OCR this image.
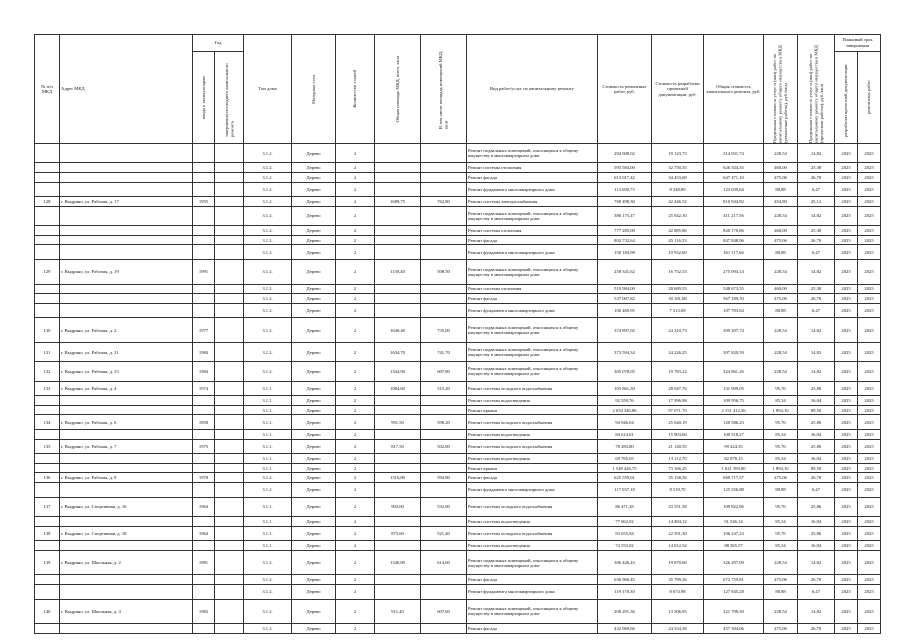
№ п/п МКД	Адрес МКД	Год		Тип дома	Материал стен	Количество этажей	Общая площадь МКД, всего, кв.м	В том числе площадь помещений МКД, кв.м	Вид работ/услуг по капитальному ремонту	Стоимость ремонтных работ, руб.	Стоимость разработки проектной документации, руб.	Общая стоимость капитального ремонта, руб.	Предельная стоимость услуг и (или) работ по капитальному ремонту общего имущества в МКД (ремонтные работы), руб./кв.м	Предельная стоимость услуг и (или) работ по капитальному ремонту общего имущества в МКД (проектные работы), руб./кв.м	Плановый срок завершения	

		ввода в эксплуатацию	завершения последнего капитального ремонта												разработки проектной документации	ремонтных работ

				3.1.2.	Дерево	2			Ремонт подвальных помещений, относящихся к общему имуществу в многоквартирном доме	294 908,02	19 123,73	314 031,74	228,54	14,82	2025	2025
				3.1.2.	Дерево	2			Ремонт системы отопления	593 584,00	32 750,35	626 334,35	460,00	25,38	2025	2025
				3.1.2.	Дерево	2			Ремонт фасада	613 017,42	34 453,68	647 471,10	475,06	26,70	2025	2025
				3.1.2.	Дерево	2			Ремонт фундамента многоквартирного дома	114 690,75	8 348,89	123 039,64	88,88	6,47	2025	2025
128	г. Выдрино, ул. Рабочая, д. 17	1955		3.1.2.	Дерево	2	1689,75	762,80	Ремонт системы электроснабжения	768 498,30	42 446,52	810 944,82	454,80	25,12	2025	2025
				3.1.2.	Дерево	2			Ремонт подвальных помещений, относящихся к общему имуществу в многоквартирном доме	386 175,47	25 042,10	411 217,56	228,54	14,82	2025	2025
				3.1.2.	Дерево	2			Ремонт системы отопления	777 285,00	42 885,86	820 170,86	460,00	25,38	2025	2025
				3.1.2.	Дерево	2			Ремонт фасада	802 732,64	45 116,33	847 848,96	475,06	26,70	2025	2025
				3.1.2.	Дерево	2			Ремонт фундамента многоквартирного дома	150 184,98	10 932,60	161 117,66	88,88	6,47	2025	2025
129	г. Выдрино, ул. Рабочая, д. 19	1991		3.1.2.	Дерево	2	1130,40	508,50	Ремонт подвальных помещений, относящихся к общему имуществу в многоквартирном доме	258 341,62	16 752,53	275 094,14	228,54	14,82	2025	2025
				3.1.2.	Дерево	2			Ремонт системы отопления	519 984,00	28 689,55	548 673,55	460,00	25,38	2025	2025
				3.1.2.	Дерево	2			Ремонт фасада	537 007,82	30 181,68	567 189,50	475,06	26,70	2025	2025
				3.1.2.	Дерево	2			Ремонт фундамента многоквартирного дома	100 469,95	7 313,69	107 783,64	88,88	6,47	2025	2025
130	г. Выдрино, ул. Рабочая, д. 2	1977		3.1.2.	Дерево	2	1640,40	735,00	Ремонт подвальных помещений, относящихся к общему имуществу в многоквартирном доме	374 897,02	24 310,73	399 207,74	228,54	14,82	2025	2025
131	г. Выдрино, ул. Рабочая, д. 31	1984		3.1.2.	Дерево	2	1634,70	741,70	Ремонт подвальных помещений, относящихся к общему имуществу в многоквартирном доме	373 594,34	24 226,25	397 820,59	228,54	14,82	2025	2025
132	г. Выдрино, ул. Рабочая, д. 33	1984		3.1.2.	Дерево	2	1334,90	607,80	Ремонт подвальных помещений, относящихся к общему имуществу в многоквартирном доме	305 078,05	19 783,22	324 861,26	228,54	14,82	2025	2025
133	г. Выдрино, ул. Рабочая, д. 4	1974		3.1.1.	Дерево	2	1084,60	515,20	Ремонт системы холодного водоснабжения	103 861,30	28 047,76	131 909,05	95,76	25,86	2025	2025
				3.1.1.	Дерево	2			Ремонт системы водоотведения	92 559,76	17 396,98	109 956,75	85,34	16,04	2025	2025
				3.1.1.	Дерево	2			Ремонт крыши	2 054 340,86	97 071,70	2 151 412,56	1 894,10	89,50	2025	2025
134	г. Выдрино, ул. Рабочая, д. 6	1958		3.1.1.	Дерево	2	991,50	598,20	Ремонт системы холодного водоснабжения	94 946,04	25 640,19	120 586,23	95,76	25,86	2025	2025
				3.1.1.	Дерево	2			Ремонт системы водоотведения	84 614,61	15 903,66	100 518,27	85,34	16,04	2025	2025
135	г. Выдрино, ул. Рабочая, д. 7	1975		3.1.1.	Дерево	2	817,50	502,80	Ремонт системы холодного водоснабжения	78 283,80	21 140,55	99 424,35	95,76	25,86	2025	2025
				3.1.1.	Дерево	2			Ремонт системы водоотведения	69 765,05	13 112,70	82 878,15	85,34	16,04	2025	2025
				3.1.1.	Дерево	2			Ремонт крыши	1 548 426,75	73 166,25	1 621 593,00	1 894,10	89,50	2025	2025
136	г. Выдрино, ул. Рабочая, д. 9	1978		3.1.2.	Дерево	2	1316,80	594,80	Ремонт фасада	625 559,01	35 158,56	660 717,57	475,06	26,70	2025	2025
				3.1.2.	Дерево	2			Ремонт фундамента многоквартирного дома	117 037,18	8 519,70	125 556,88	88,88	6,47	2025	2025
137	г. Выдрино, ул. Спортивная, д. 16	1964		3.1.1.	Дерево	2	903,00	532,80	Ремонт системы холодного водоснабжения	86 471,28	23 351,58	109 822,86	95,76	25,86	2025	2025
				3.1.1.	Дерево	2			Ремонт системы водоотведения	77 062,02	14 484,12	91 546,14	85,34	16,04	2025	2025
138	г. Выдрино, ул. Спортивная, д. 18	1964		3.1.1.	Дерево	2	873,60	521,40	Ремонт системы холодного водоснабжения	83 655,94	22 591,30	106 247,23	95,76	25,86	2025	2025
				3.1.1.	Дерево	2			Ремонт системы водоотведения	74 553,02	14 012,54	88 565,57	85,34	16,04	2025	2025
139	г. Выдрино, ул. Школьная, д. 2	1981		3.1.2.	Дерево	2	1340,80	614,60	Ремонт подвальных помещений, относящихся к общему имуществу в многоквартирном доме	306 426,43	19 870,66	326 297,09	228,54	14,82	2025	2025
				3.1.2.	Дерево	2			Ремонт фасада	636 960,45	35 799,36	672 759,81	475,06	26,70	2025	2025
				3.1.2.	Дерево	2			Ремонт фундамента многоквартирного дома	119 170,30	8 674,98	127 845,28	88,88	6,47	2025	2025
140	г. Выдрино, ул. Школьная, д. 4	1982		3.1.2.	Дерево	2	911,40	607,60	Ремонт подвальных помещений, относящихся к общему имуществу в многоквартирном доме	208 291,36	13 506,95	221 798,30	228,54	14,82	2025	2025
				3.1.2.	Дерево	2			Ремонт фасада	432 969,66	24 334,38	457 304,06	475,06	26,70	2025	2025
